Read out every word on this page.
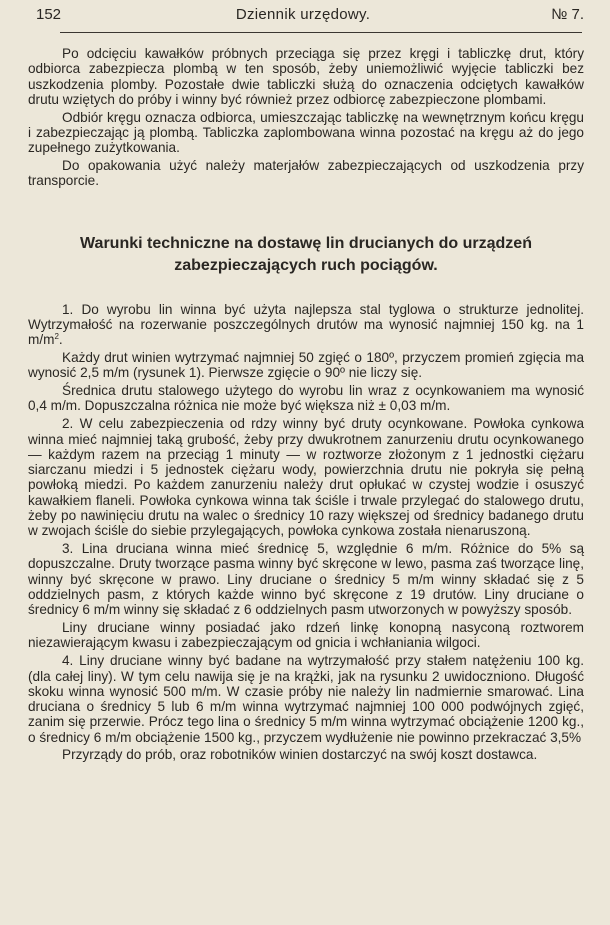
Dziennik urzędowy.
152	№ 7.

Po odcięciu kawałków próbnych przeciąga się przez kręgi i tabliczkę drut, który odbiorca zabezpiecza plombą w ten sposób, żeby uniemożliwić wyjęcie tabliczki bez uszkodzenia plomby. Pozostałe dwie tabliczki służą do oznaczenia odciętych kawałków drutu wziętych do próby i winny być również przez odbiorcę zabezpieczone plombami.

Odbiór kręgu oznacza odbiorca, umieszczając tabliczkę na wewnętrznym końcu kręgu i zabezpieczając ją plombą. Tabliczka zaplombowana winna pozostać na kręgu aż do jego zupełnego zużytkowania.

Do opakowania użyć należy materjałów zabezpieczających od uszkodzenia przy transporcie.

Warunki techniczne na dostawę lin drucianych do urządzeń
zabezpieczających ruch pociągów.

1. Do wyrobu lin winna być użyta najlepsza stal tyglowa o strukturze jednolitej. Wytrzymałość na rozerwanie poszczególnych drutów ma wynosić najmniej 150 kg. na 1 $m/m^2$.

Każdy drut winien wytrzymać najmniej 50 zgięć o 180º, przyczem promień zgięcia ma wynosić 2,5 m/m (rysunek 1). Pierwsze zgięcie o 90º nie liczy się.

Średnica drutu stalowego użytego do wyrobu lin wraz z ocynkowaniem ma wynosić 0,4 m/m. Dopuszczalna różnica nie może być większa niż ± 0,03 m/m.

2. W celu zabezpieczenia od rdzy winny być druty ocynkowane. Powłoka cynkowa winna mieć najmniej taką grubość, żeby przy dwukrotnem zanurzeniu drutu ocynkowanego — każdym razem na przeciąg 1 minuty — w roztworze złożonym z 1 jednostki ciężaru siarczanu miedzi i 5 jednostek ciężaru wody, powierzchnia drutu nie pokryła się pełną powłoką miedzi. Po każdem zanurzeniu należy drut opłukać w czystej wodzie i osuszyć kawałkiem flaneli. Powłoka cynkowa winna tak ściśle i trwale przylegać do stalowego drutu, żeby po nawinięciu drutu na walec o średnicy 10 razy większej od średnicy badanego drutu w zwojach ściśle do siebie przylegających, powłoka cynkowa została nienaruszoną.

3. Lina druciana winna mieć średnicę 5, względnie 6 m/m. Różnice do 5% są dopuszczalne. Druty tworzące pasma winny być skręcone w lewo, pasma zaś tworzące linę, winny być skręcone w prawo. Liny druciane o średnicy 5 m/m winny składać się z 5 oddzielnych pasm, z których każde winno być skręcone z 19 drutów. Liny druciane o średnicy 6 m/m winny się składać z 6 oddzielnych pasm utworzonych w powyższy sposób.

Liny druciane winny posiadać jako rdzeń linkę konopną nasyconą roztworem niezawierającym kwasu i zabezpieczającym od gnicia i wchłaniania wilgoci.

4. Liny druciane winny być badane na wytrzymałość przy stałem natężeniu 100 kg. (dla całej liny). W tym celu nawija się je na krążki, jak na rysunku 2 uwidoczniono. Długość skoku winna wynosić 500 m/m. W czasie próby nie należy lin nadmiernie smarować. Lina druciana o średnicy 5 lub 6 m/m winna wytrzymać najmniej 100 000 podwójnych zgięć, zanim się przerwie. Prócz tego lina o średnicy 5 m/m winna wytrzymać obciążenie 1200 kg., o średnicy 6 m/m obciążenie 1500 kg., przyczem wydłużenie nie powinno przekraczać 3,5%

Przyrządy do prób, oraz robotników winien dostarczyć na swój koszt dostawca.
